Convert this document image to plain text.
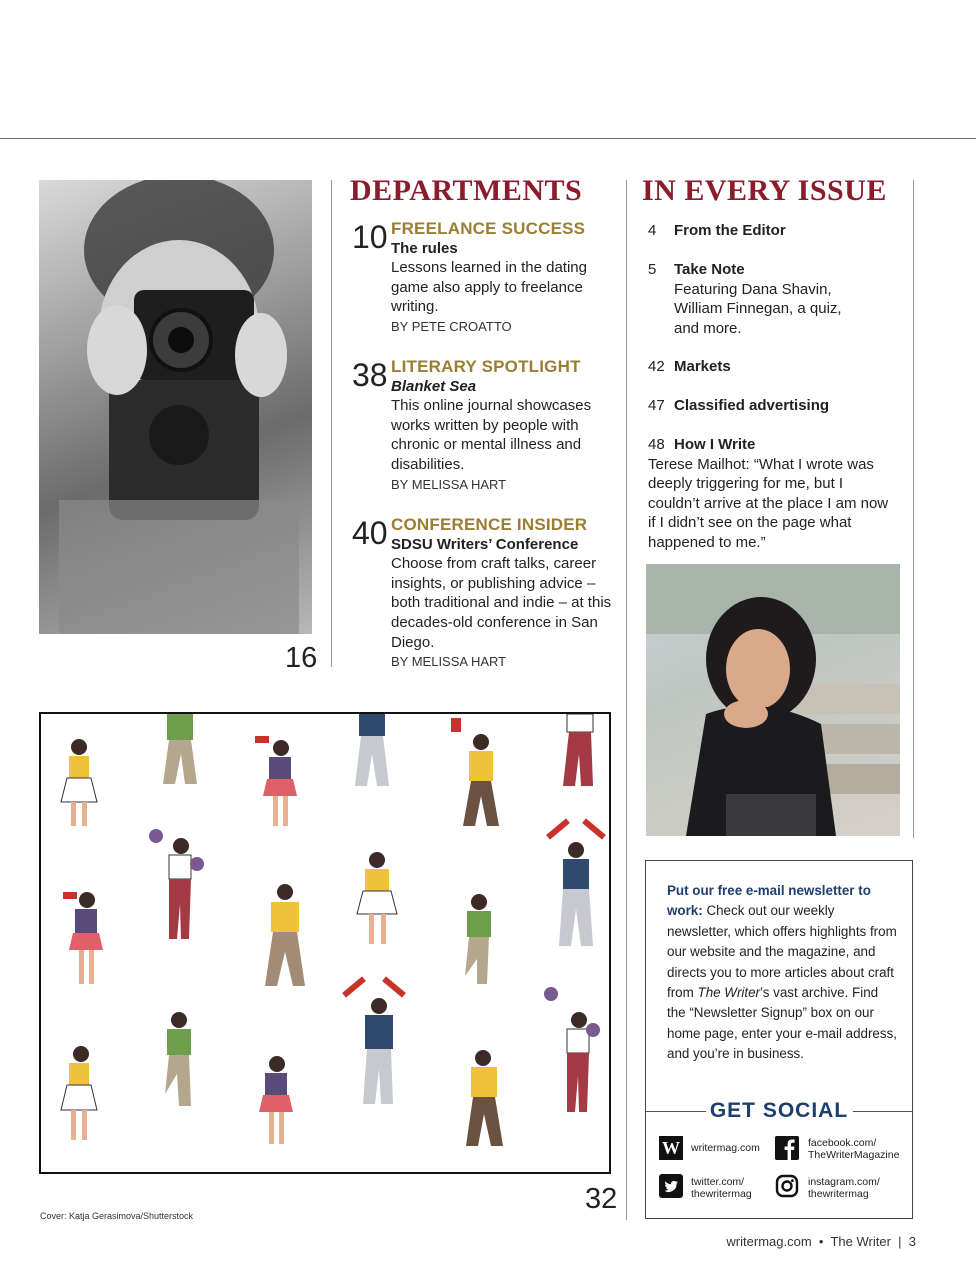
16
DEPARTMENTS
10 FREELANCE SUCCESS
The rules
Lessons learned in the dating game also apply to freelance writing.
BY PETE CROATTO
38 LITERARY SPOTLIGHT
Blanket Sea
This online journal showcases works written by people with chronic or mental illness and disabilities.
BY MELISSA HART
40 CONFERENCE INSIDER
SDSU Writers’ Conference
Choose from craft talks, career insights, or publishing advice – both traditional and indie – at this decades-old conference in San Diego.
BY MELISSA HART
IN EVERY ISSUE
4 From the Editor
5 Take Note
Featuring Dana Shavin, William Finnegan, a quiz, and more.
42 Markets
47 Classified advertising
48 How I Write
Terese Mailhot: “What I wrote was deeply triggering for me, but I couldn’t arrive at the place I am now if I didn’t see on the page what happened to me.”
32
Cover: Katja Gerasimova/Shutterstock
Put our free e-mail newsletter to work: Check out our weekly newsletter, which offers highlights from our website and the magazine, and directs you to more articles about craft from The Writer’s vast archive. Find the “Newsletter Signup” box on our home page, enter your e-mail address, and you’re in business.
GET SOCIAL
W writermag.com	facebook.com/
TheWriterMagazine
twitter.com/
thewritermag
instagram.com/
thewritermag
writermag.com • The Writer | 3
